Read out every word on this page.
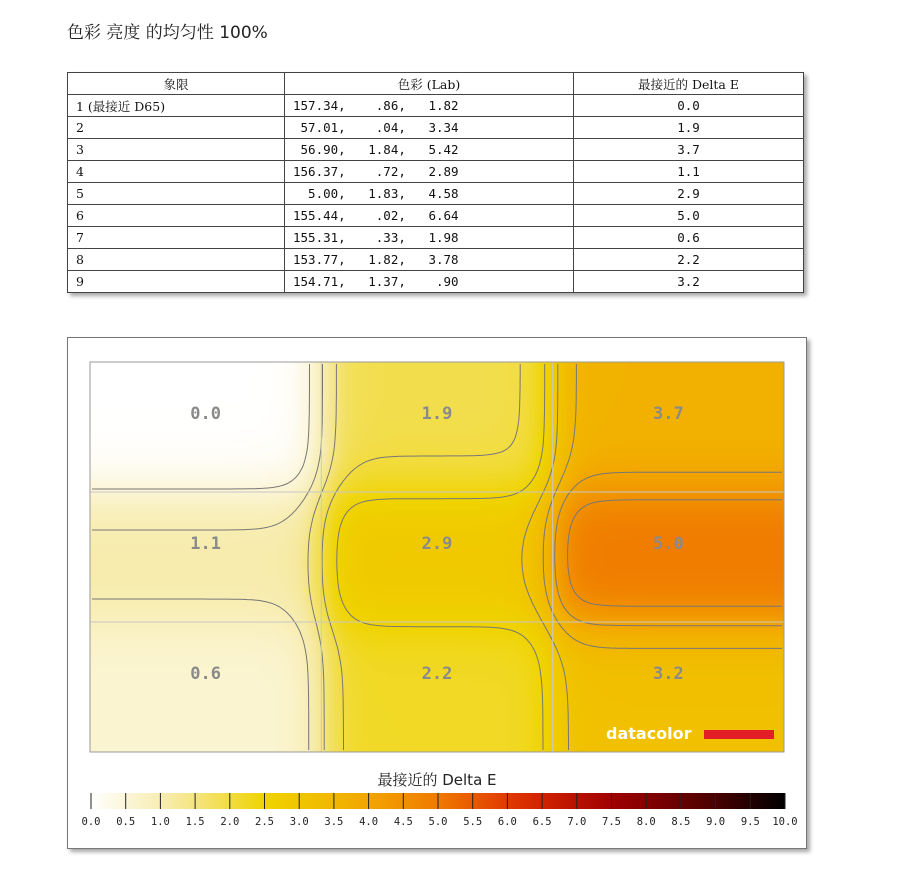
色彩 亮度 的均匀性 100%
象限	色彩 (Lab)	最接近的 Delta E
1 (最接近 D65)	157.34,    .86,   1.82	0.0
2	57.01,    .04,   3.34	1.9
3	56.90,   1.84,   5.42	3.7
4	156.37,    .72,   2.89	1.1
5	5.00,   1.83,   4.58	2.9
6	155.44,    .02,   6.64	5.0
7	155.31,    .33,   1.98	0.6
8	153.77,   1.82,   3.78	2.2
9	154.71,   1.37,    .90	3.2
0.0	1.9	3.7
1.1	2.9	5.0
0.6	2.2	3.2
datacolor
最接近的 Delta E
0.0 0.5 1.0 1.5 2.0 2.5 3.0 3.5 4.0 4.5 5.0 5.5 6.0 6.5 7.0 7.5 8.0 8.5 9.0 9.5 10.0
